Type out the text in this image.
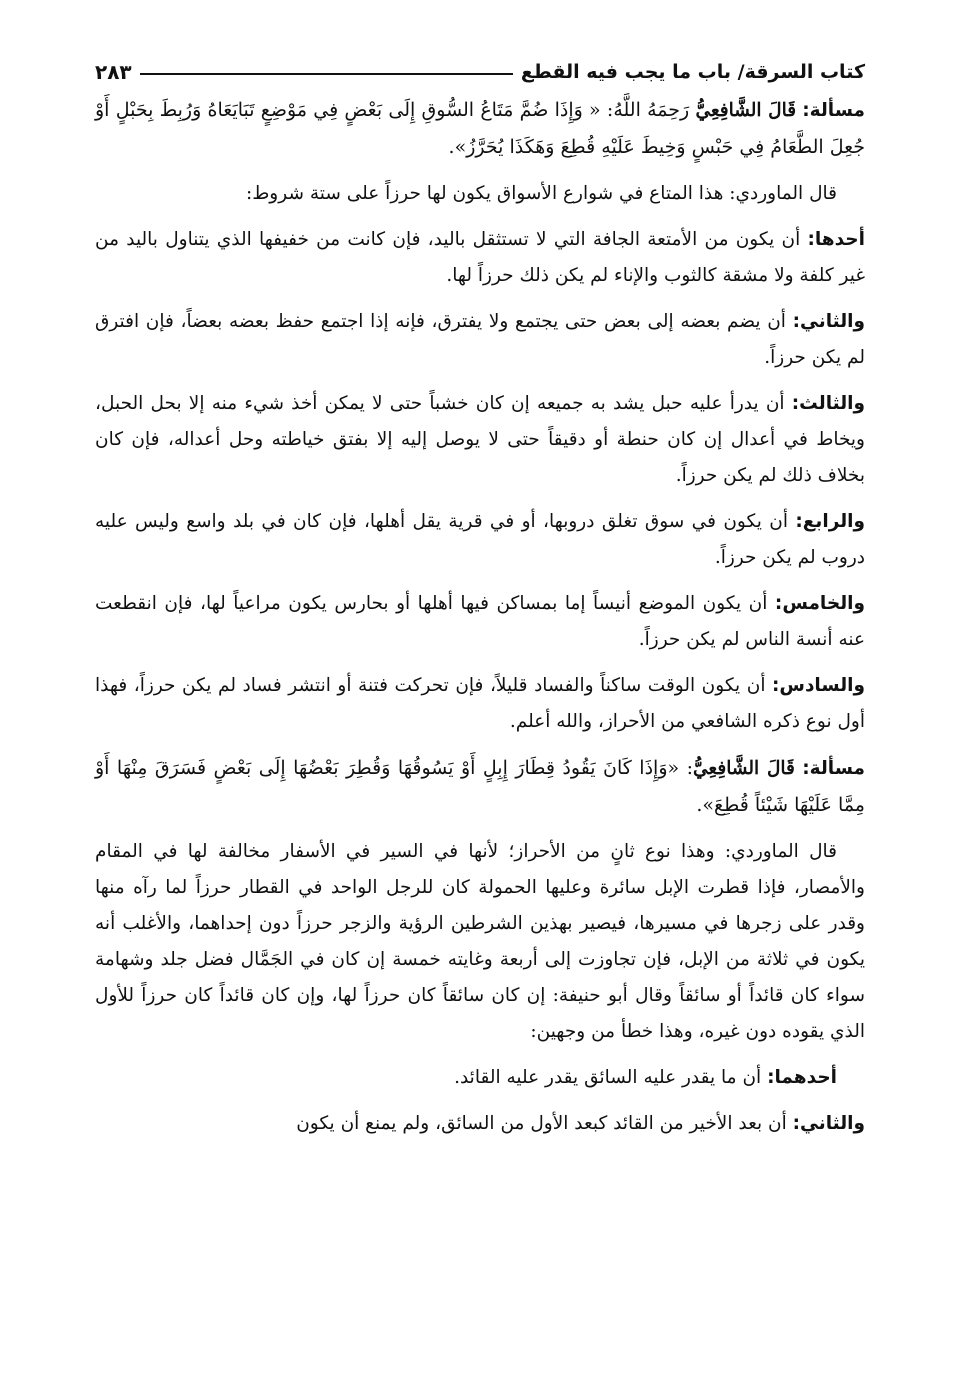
كتاب السرقة/ باب ما يجب فيه القطع
٢٨٣

مسألة: قَالَ الشَّافِعِيُّ رَحِمَهُ اللَّهُ: « وَإِذَا ضُمَّ مَتَاعُ السُّوقِ إِلَى بَعْضٍ فِي مَوْضِعٍ تَبَايَعَاهُ وَرُبِطَ بِحَبْلٍ أَوْ جُعِلَ الطَّعَامُ فِي حَبْسٍ وَخِيطَ عَلَيْهِ قُطِعَ وَهَكَذَا يُحَرَّزُ».

قال الماوردي: هذا المتاع في شوارع الأسواق يكون لها حرزاً على ستة شروط:

أحدها: أن يكون من الأمتعة الجافة التي لا تستثقل باليد، فإن كانت من خفيفها الذي يتناول باليد من غير كلفة ولا مشقة كالثوب والإناء لم يكن ذلك حرزاً لها.

والثاني: أن يضم بعضه إلى بعض حتى يجتمع ولا يفترق، فإنه إذا اجتمع حفظ بعضه بعضاً، فإن افترق لم يكن حرزاً.

والثالث: أن يدرأ عليه حبل يشد به جميعه إن كان خشباً حتى لا يمكن أخذ شيء منه إلا بحل الحبل، ويخاط في أعدال إن كان حنطة أو دقيقاً حتى لا يوصل إليه إلا بفتق خياطته وحل أعداله، فإن كان بخلاف ذلك لم يكن حرزاً.

والرابع: أن يكون في سوق تغلق دروبها، أو في قرية يقل أهلها، فإن كان في بلد واسع وليس عليه دروب لم يكن حرزاً.

والخامس: أن يكون الموضع أنيساً إما بمساكن فيها أهلها أو بحارس يكون مراعياً لها، فإن انقطعت عنه أنسة الناس لم يكن حرزاً.

والسادس: أن يكون الوقت ساكناً والفساد قليلاً، فإن تحركت فتنة أو انتشر فساد لم يكن حرزاً، فهذا أول نوع ذكره الشافعي من الأحراز، والله أعلم.

مسألة: قَالَ الشَّافِعِيُّ: «وَإِذَا كَانَ يَقُودُ قِطَارَ إِبِلٍ أَوْ يَسُوقُهَا وَقُطِرَ بَعْضُهَا إِلَى بَعْضٍ فَسَرَقَ مِنْهَا أَوْ مِمَّا عَلَيْهَا شَيْئاً قُطِعَ».

قال الماوردي: وهذا نوع ثانٍ من الأحراز؛ لأنها في السير في الأسفار مخالفة لها في المقام والأمصار، فإذا قطرت الإبل سائرة وعليها الحمولة كان للرجل الواحد في القطار حرزاً لما رآه منها وقدر على زجرها في مسيرها، فيصير بهذين الشرطين الرؤية والزجر حرزاً دون إحداهما، والأغلب أنه يكون في ثلاثة من الإبل، فإن تجاوزت إلى أربعة وغايته خمسة إن كان في الجَمَّال فضل جلد وشهامة سواء كان قائداً أو سائقاً وقال أبو حنيفة: إن كان سائقاً كان حرزاً لها، وإن كان قائداً كان حرزاً للأول الذي يقوده دون غيره، وهذا خطأ من وجهين:

أحدهما: أن ما يقدر عليه السائق يقدر عليه القائد.

والثاني: أن بعد الأخير من القائد كبعد الأول من السائق، ولم يمنع أن يكون
